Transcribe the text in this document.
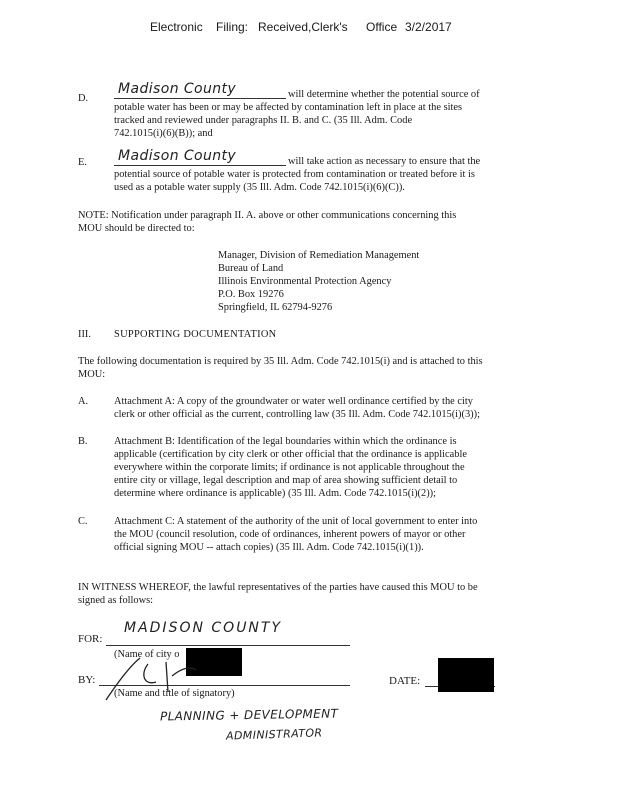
Electronic Filing: Received,Clerk's Office 3/2/2017
D.
Madison County	will determine whether the potential source of
potable water has been or may be affected by contamination left in place at the sites
tracked and reviewed under paragraphs II. B. and C. (35 Ill. Adm. Code
742.1015(i)(6)(B)); and
E. Madison County	will take action as necessary to ensure that the
potential source of potable water is protected from contamination or treated before it is
used as a potable water supply (35 Ill. Adm. Code 742.1015(i)(6)(C)).
NOTE: Notification under paragraph II. A. above or other communications concerning this
MOU should be directed to:
Manager, Division of Remediation Management
Bureau of Land
Illinois Environmental Protection Agency
P.O. Box 19276
Springfield, IL 62794-9276
III. SUPPORTING DOCUMENTATION
The following documentation is required by 35 Ill. Adm. Code 742.1015(i) and is attached to this
MOU:
A. Attachment A: A copy of the groundwater or water well ordinance certified by the city
clerk or other official as the current, controlling law (35 Ill. Adm. Code 742.1015(i)(3));
B.	Attachment B: Identification of the legal boundaries within which the ordinance is
applicable (certification by city clerk or other official that the ordinance is applicable
everywhere within the corporate limits; if ordinance is not applicable throughout the
entire city or village, legal description and map of area showing sufficient detail to
determine where ordinance is applicable) (35 Ill. Adm. Code 742.1015(i)(2));
C.	Attachment C: A statement of the authority of the unit of local government to enter into
the MOU (council resolution, code of ordinances, inherent powers of mayor or other
official signing MOU -- attach copies) (35 Ill. Adm. Code 742.1015(i)(1)).
IN WITNESS WHEREOF, the lawful representatives of the parties have caused this MOU to be
signed as follows:
FOR:
MADISON COUNTY
(Name of city o
BY:
(Name and title of signatory)
DATE:
PLANNING + DEVELOPMENT
ADMINISTRATOR
